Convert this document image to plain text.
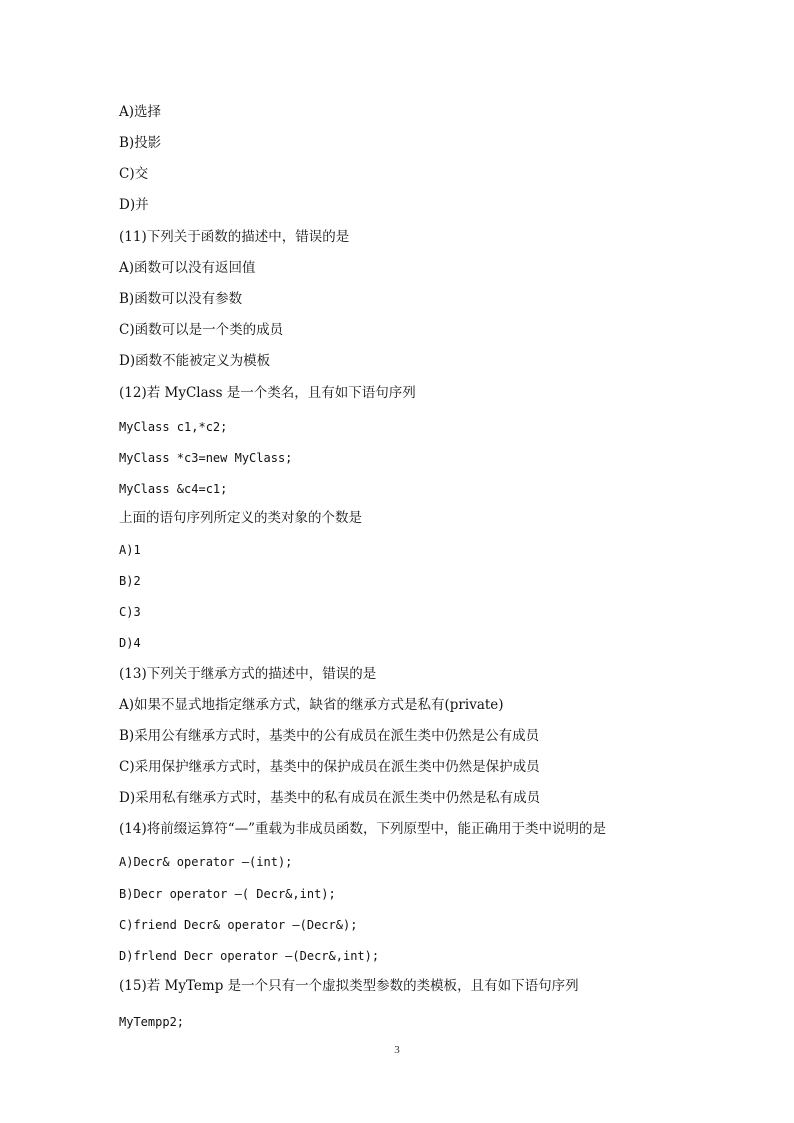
A)选择
B)投影
C)交
D)并
(11)下列关于函数的描述中，错误的是
A)函数可以没有返回值
B)函数可以没有参数
C)函数可以是一个类的成员
D)函数不能被定义为模板
(12)若 MyClass 是一个类名，且有如下语句序列
MyClass c1,*c2;
MyClass *c3=new MyClass;
MyClass &c4=c1;
上面的语句序列所定义的类对象的个数是
A)1
B)2
C)3
D)4
(13)下列关于继承方式的描述中，错误的是
A)如果不显式地指定继承方式，缺省的继承方式是私有(private)
B)采用公有继承方式时，基类中的公有成员在派生类中仍然是公有成员
C)采用保护继承方式时，基类中的保护成员在派生类中仍然是保护成员
D)采用私有继承方式时，基类中的私有成员在派生类中仍然是私有成员
(14)将前缀运算符“—”重载为非成员函数，下列原型中，能正确用于类中说明的是
A)Decr& operator —(int);
B)Decr operator —( Decr&,int);
C)friend Decr& operator —(Decr&);
D)frlend Decr operator —(Decr&,int);
(15)若 MyTemp 是一个只有一个虚拟类型参数的类模板，且有如下语句序列
MyTempp2;
3
